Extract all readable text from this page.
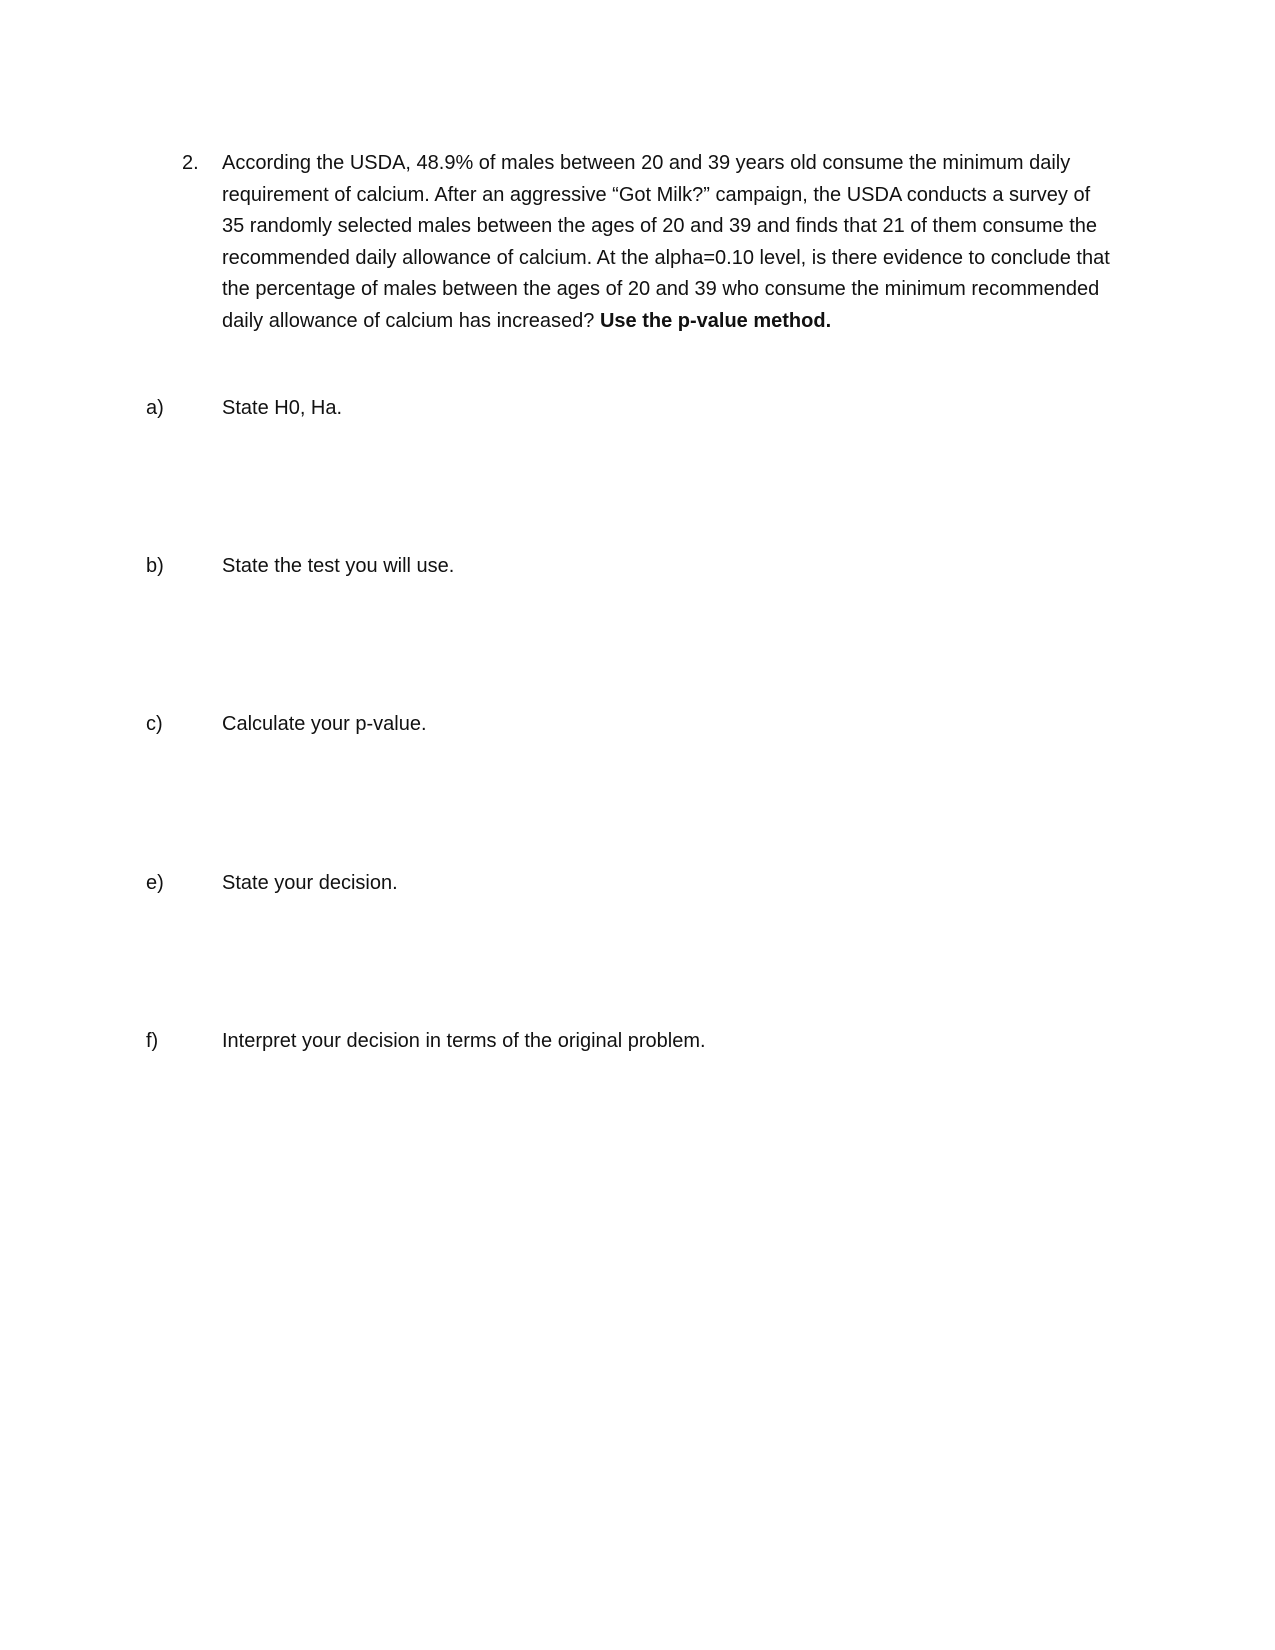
2. According the USDA, 48.9% of males between 20 and 39 years old consume the minimum daily requirement of calcium. After an aggressive “Got Milk?” campaign, the USDA conducts a survey of 35 randomly selected males between the ages of 20 and 39 and finds that 21 of them consume the recommended daily allowance of calcium. At the alpha=0.10 level, is there evidence to conclude that the percentage of males between the ages of 20 and 39 who consume the minimum recommended daily allowance of calcium has increased? Use the p-value method.
a)	State H0, Ha.
b)	State the test you will use.
c)	Calculate your p-value.
e)	State your decision.
f)	Interpret your decision in terms of the original problem.
